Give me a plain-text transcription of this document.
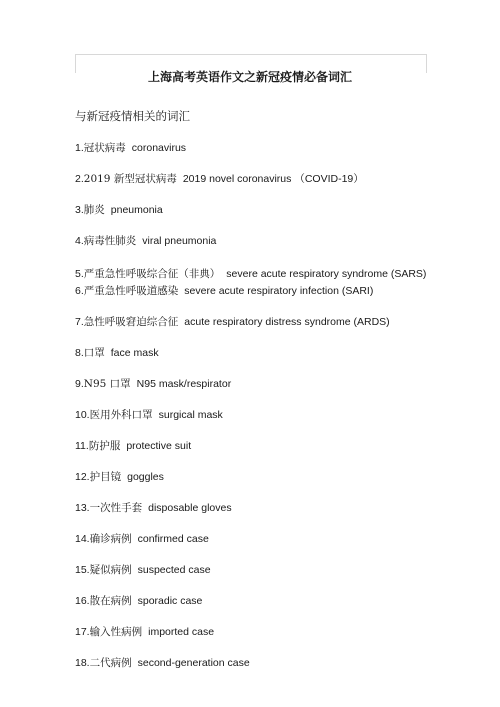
上海高考英语作文之新冠疫情必备词汇
与新冠疫情相关的词汇
1.冠状病毒 coronavirus
2.2019 新型冠状病毒 2019 novel coronavirus （COVID-19）
3.肺炎 pneumonia
4.病毒性肺炎 viral pneumonia
5.严重急性呼吸综合征（非典） severe acute respiratory syndrome (SARS)
6.严重急性呼吸道感染 severe acute respiratory infection (SARI)
7.急性呼吸窘迫综合征 acute respiratory distress syndrome (ARDS)
8.口罩 face mask
9.N95 口罩 N95 mask/respirator
10.医用外科口罩 surgical mask
11.防护服 protective suit
12.护目镜 goggles
13.一次性手套 disposable gloves
14.确诊病例 confirmed case
15.疑似病例 suspected case
16.散在病例 sporadic case
17.输入性病例 imported case
18.二代病例 second-generation case
